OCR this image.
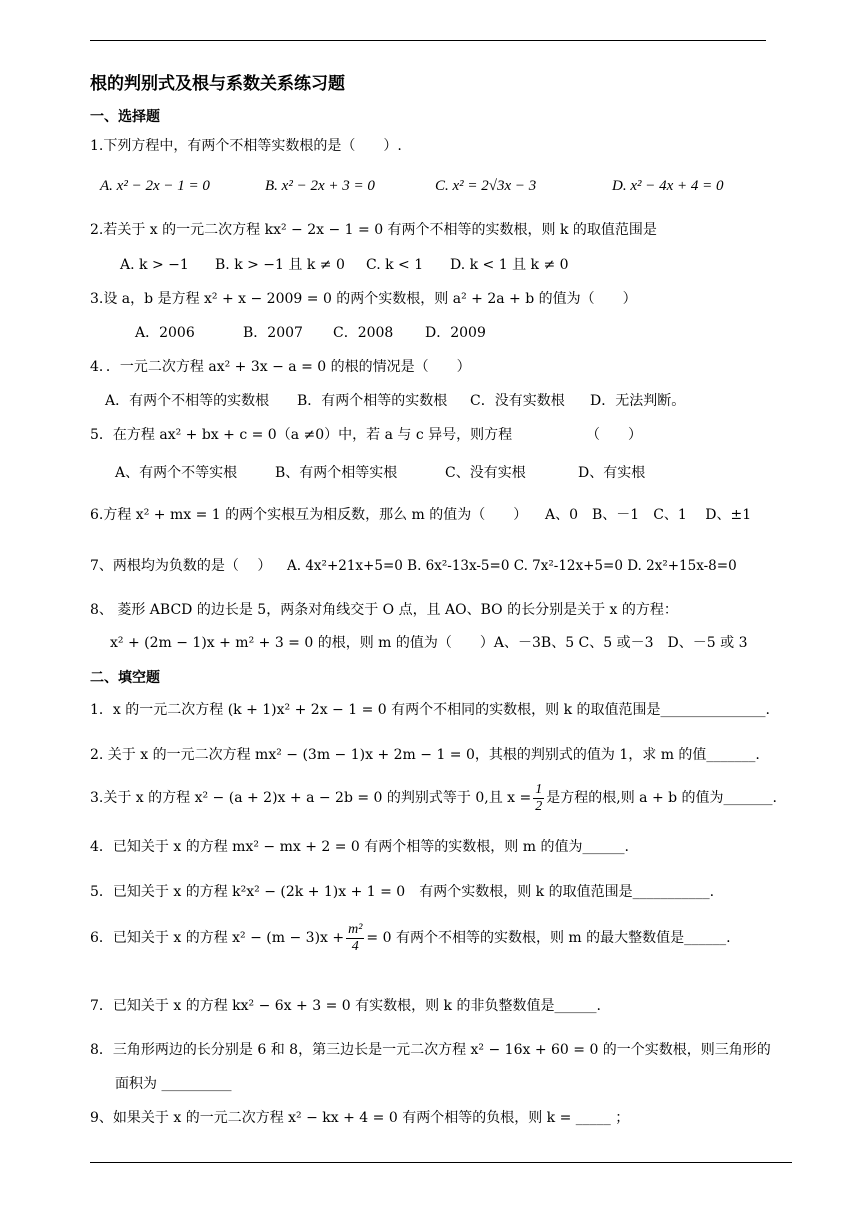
根的判别式及根与系数关系练习题
一、选择题
1.下列方程中，有两个不相等实数根的是（　　）.
A. x² − 2x − 1 = 0	B. x² − 2x + 3 = 0	C. x² = 2√3x − 3	D. x² − 4x + 4 = 0
2.若关于 x 的一元二次方程 kx² − 2x − 1 = 0 有两个不相等的实数根，则 k 的取值范围是
A. k > −1 B. k > −1 且 k ≠ 0 C. k < 1 D. k < 1 且 k ≠ 0
3.设 a，b 是方程 x² + x − 2009 = 0 的两个实数根，则 a² + 2a + b 的值为（　　）
A．2006	B．2007 C．2008 D．2009
4．．一元二次方程 ax² + 3x − a = 0 的根的情况是（　　）
A．有两个不相等的实数根 B．有两个相等的实数根 C．没有实数根 D．无法判断。
5．在方程 ax² + bx + c = 0（a ≠0）中，若 a 与 c 异号，则方程	（　　）
A、有两个不等实根	B、有两个相等实根	C、没有实根	D、有实根
6.方程 x² + mx = 1 的两个实根互为相反数，那么 m 的值为（　　） A、0　B、－1　C、1　 D、±1
7、两根均为负数的是（　 ） A. 4x²+21x+5=0 B. 6x²-13x-5=0 C. 7x²-12x+5=0 D. 2x²+15x-8=0
8、 菱形 ABCD 的边长是 5，两条对角线交于 O 点，且 AO、BO 的长分别是关于 x 的方程：
x² + (2m − 1)x + m² + 3 = 0 的根，则 m 的值为（　　）A、－3B、5 C、5 或－3　D、－5 或 3
二、填空题
1．x 的一元二次方程 (k + 1)x² + 2x − 1 = 0 有两个不相同的实数根，则 k 的取值范围是_______________.
2. 关于 x 的一元二次方程 mx² − (3m − 1)x + 2m − 1 = 0，其根的判别式的值为 1，求 m 的值_______.
3.关于 x 的方程 x² − (a + 2)x + a − 2b = 0 的判别式等于 0,且 $x = \frac{1}{2}$ 是方程的根,则 a + b 的值为_______.
4．已知关于 x 的方程 mx² − mx + 2 = 0 有两个相等的实数根，则 m 的值为______.
5．已知关于 x 的方程 k²x² − (2k + 1)x + 1 = 0　有两个实数根，则 k 的取值范围是___________.
6．已知关于 x 的方程 $x^2 - (m - 3)x + \frac{\text{m²}}{4} = 0$ 有两个不相等的实数根，则 m 的最大整数值是______.
7．已知关于 x 的方程 kx² − 6x + 3 = 0 有实数根，则 k 的非负整数值是______.
8．三角形两边的长分别是 6 和 8，第三边长是一元二次方程 x² − 16x + 60 = 0 的一个实数根，则三角形的
面积为 __________
9、如果关于 x 的一元二次方程 x² − kx + 4 = 0 有两个相等的负根，则 k = _____ ；
